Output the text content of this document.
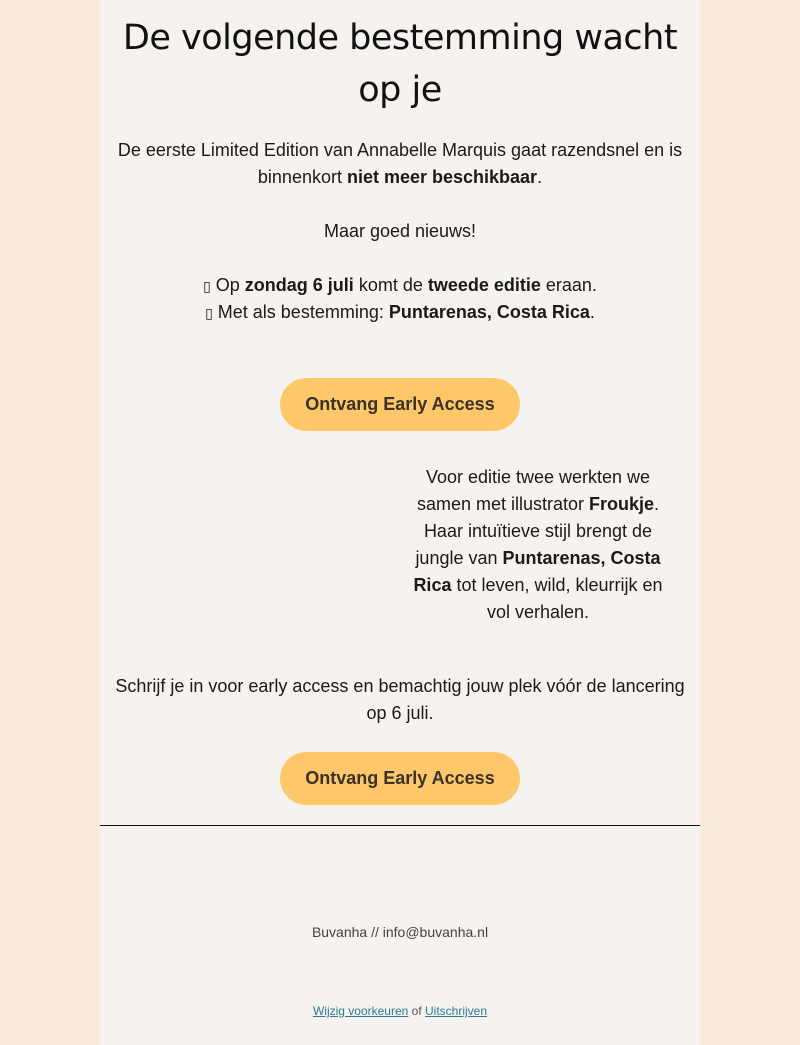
De volgende bestemming wacht op je
De eerste Limited Edition van Annabelle Marquis gaat razendsnel en is binnenkort niet meer beschikbaar.
Maar goed nieuws!
▯ Op zondag 6 juli komt de tweede editie eraan.
▯ Met als bestemming: Puntarenas, Costa Rica.
Ontvang Early Access
Voor editie twee werkten we samen met illustrator Froukje. Haar intuïtieve stijl brengt de jungle van Puntarenas, Costa Rica tot leven, wild, kleurrijk en vol verhalen.
Schrijf je in voor early access en bemachtig jouw plek vóór de lancering op 6 juli.
Ontvang Early Access
Buvanha // info@buvanha.nl
Wijzig voorkeuren of Uitschrijven
